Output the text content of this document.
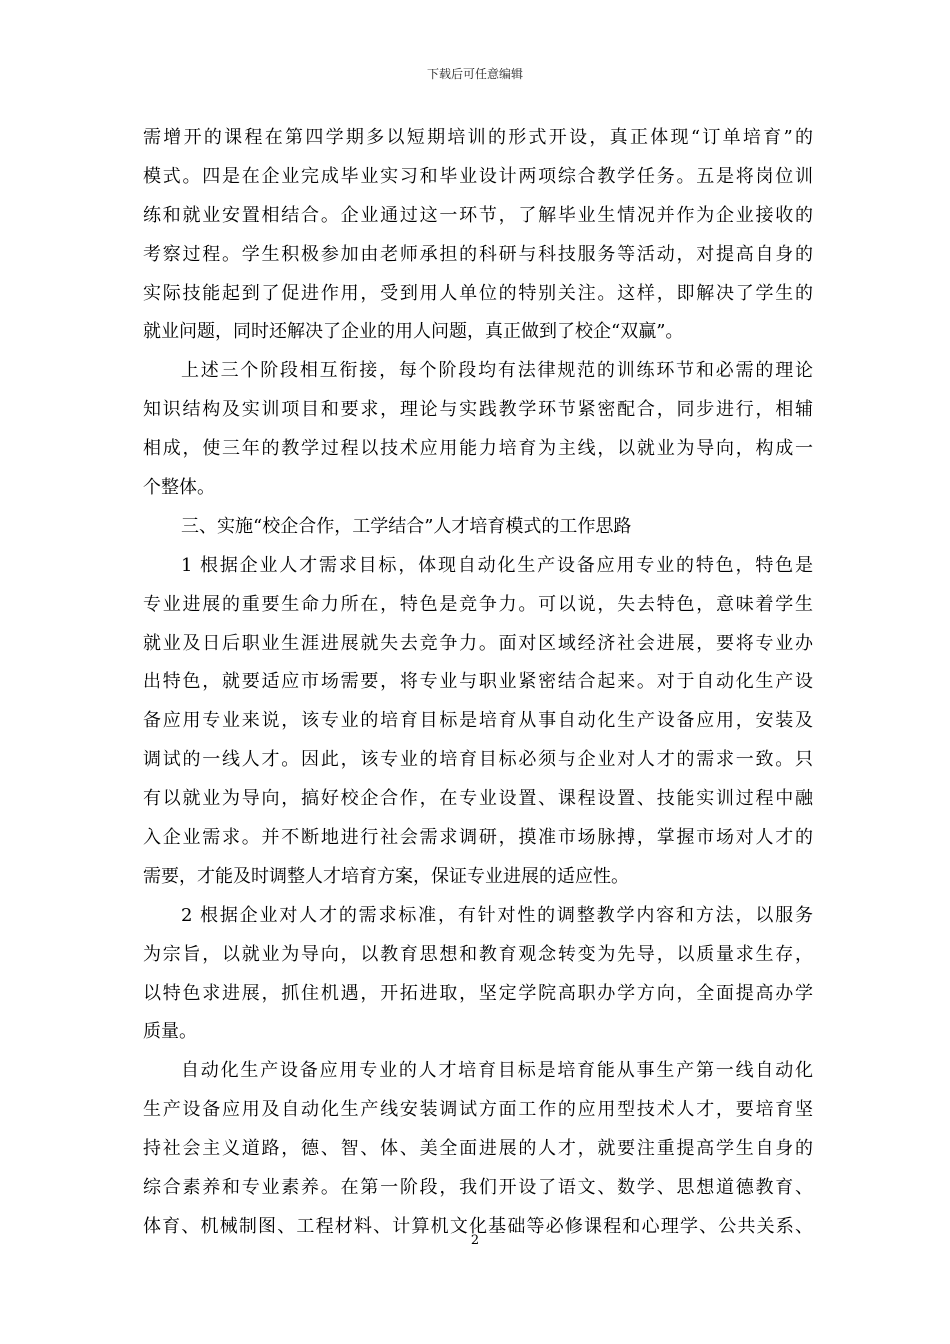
下载后可任意编辑
需增开的课程在第四学期多以短期培训的形式开设，真正体现“订单培育”的
模式。四是在企业完成毕业实习和毕业设计两项综合教学任务。五是将岗位训
练和就业安置相结合。企业通过这一环节，了解毕业生情况并作为企业接收的
考察过程。学生积极参加由老师承担的科研与科技服务等活动，对提高自身的
实际技能起到了促进作用，受到用人单位的特别关注。这样，即解决了学生的
就业问题，同时还解决了企业的用人问题，真正做到了校企“双赢”。
上述三个阶段相互衔接，每个阶段均有法律规范的训练环节和必需的理论
知识结构及实训项目和要求，理论与实践教学环节紧密配合，同步进行，相辅
相成，使三年的教学过程以技术应用能力培育为主线，以就业为导向，构成一
个整体。
三、实施“校企合作，工学结合”人才培育模式的工作思路
1 根据企业人才需求目标，体现自动化生产设备应用专业的特色，特色是
专业进展的重要生命力所在，特色是竞争力。可以说，失去特色，意味着学生
就业及日后职业生涯进展就失去竞争力。面对区域经济社会进展，要将专业办
出特色，就要适应市场需要，将专业与职业紧密结合起来。对于自动化生产设
备应用专业来说，该专业的培育目标是培育从事自动化生产设备应用，安装及
调试的一线人才。因此，该专业的培育目标必须与企业对人才的需求一致。只
有以就业为导向，搞好校企合作，在专业设置、课程设置、技能实训过程中融
入企业需求。并不断地进行社会需求调研，摸准市场脉搏，掌握市场对人才的
需要，才能及时调整人才培育方案，保证专业进展的适应性。
2 根据企业对人才的需求标准，有针对性的调整教学内容和方法，以服务
为宗旨，以就业为导向，以教育思想和教育观念转变为先导，以质量求生存，
以特色求进展，抓住机遇，开拓进取，坚定学院高职办学方向，全面提高办学
质量。
自动化生产设备应用专业的人才培育目标是培育能从事生产第一线自动化
生产设备应用及自动化生产线安装调试方面工作的应用型技术人才，要培育坚
持社会主义道路，德、智、体、美全面进展的人才，就要注重提高学生自身的
综合素养和专业素养。在第一阶段，我们开设了语文、数学、思想道德教育、
体育、机械制图、工程材料、计算机文化基础等必修课程和心理学、公共关系、
2
